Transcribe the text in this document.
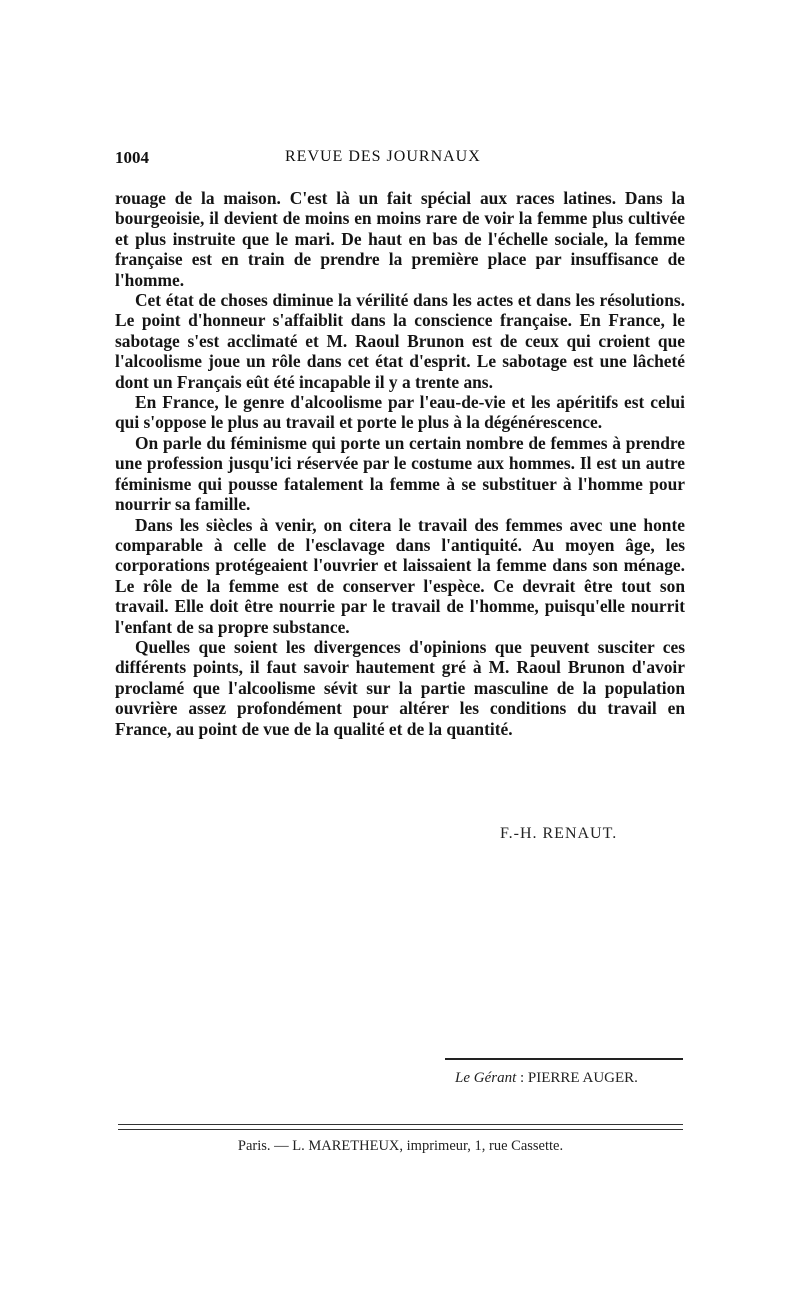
1004	REVUE DES JOURNAUX

rouage de la maison. C'est là un fait spécial aux races latines. Dans la bourgeoisie, il devient de moins en moins rare de voir la femme plus cultivée et plus instruite que le mari. De haut en bas de l'échelle sociale, la femme française est en train de prendre la première place par insuffisance de l'homme.

Cet état de choses diminue la vérilité dans les actes et dans les résolutions. Le point d'honneur s'affaiblit dans la conscience française. En France, le sabotage s'est acclimaté et M. Raoul Brunon est de ceux qui croient que l'alcoolisme joue un rôle dans cet état d'esprit. Le sabotage est une lâcheté dont un Français eût été incapable il y a trente ans.

En France, le genre d'alcoolisme par l'eau-de-vie et les apéritifs est celui qui s'oppose le plus au travail et porte le plus à la dégénérescence.

On parle du féminisme qui porte un certain nombre de femmes à prendre une profession jusqu'ici réservée par le costume aux hommes. Il est un autre féminisme qui pousse fatalement la femme à se substituer à l'homme pour nourrir sa famille.

Dans les siècles à venir, on citera le travail des femmes avec une honte comparable à celle de l'esclavage dans l'antiquité. Au moyen âge, les corporations protégeaient l'ouvrier et laissaient la femme dans son ménage. Le rôle de la femme est de conserver l'espèce. Ce devrait être tout son travail. Elle doit être nourrie par le travail de l'homme, puisqu'elle nourrit l'enfant de sa propre substance.

Quelles que soient les divergences d'opinions que peuvent susciter ces différents points, il faut savoir hautement gré à M. Raoul Brunon d'avoir proclamé que l'alcoolisme sévit sur la partie masculine de la population ouvrière assez profondément pour altérer les conditions du travail en France, au point de vue de la qualité et de la quantité.

F.-H. RENAUT.
Le Gérant : PIERRE AUGER.
Paris. — L. MARETHEUX, imprimeur, 1, rue Cassette.
